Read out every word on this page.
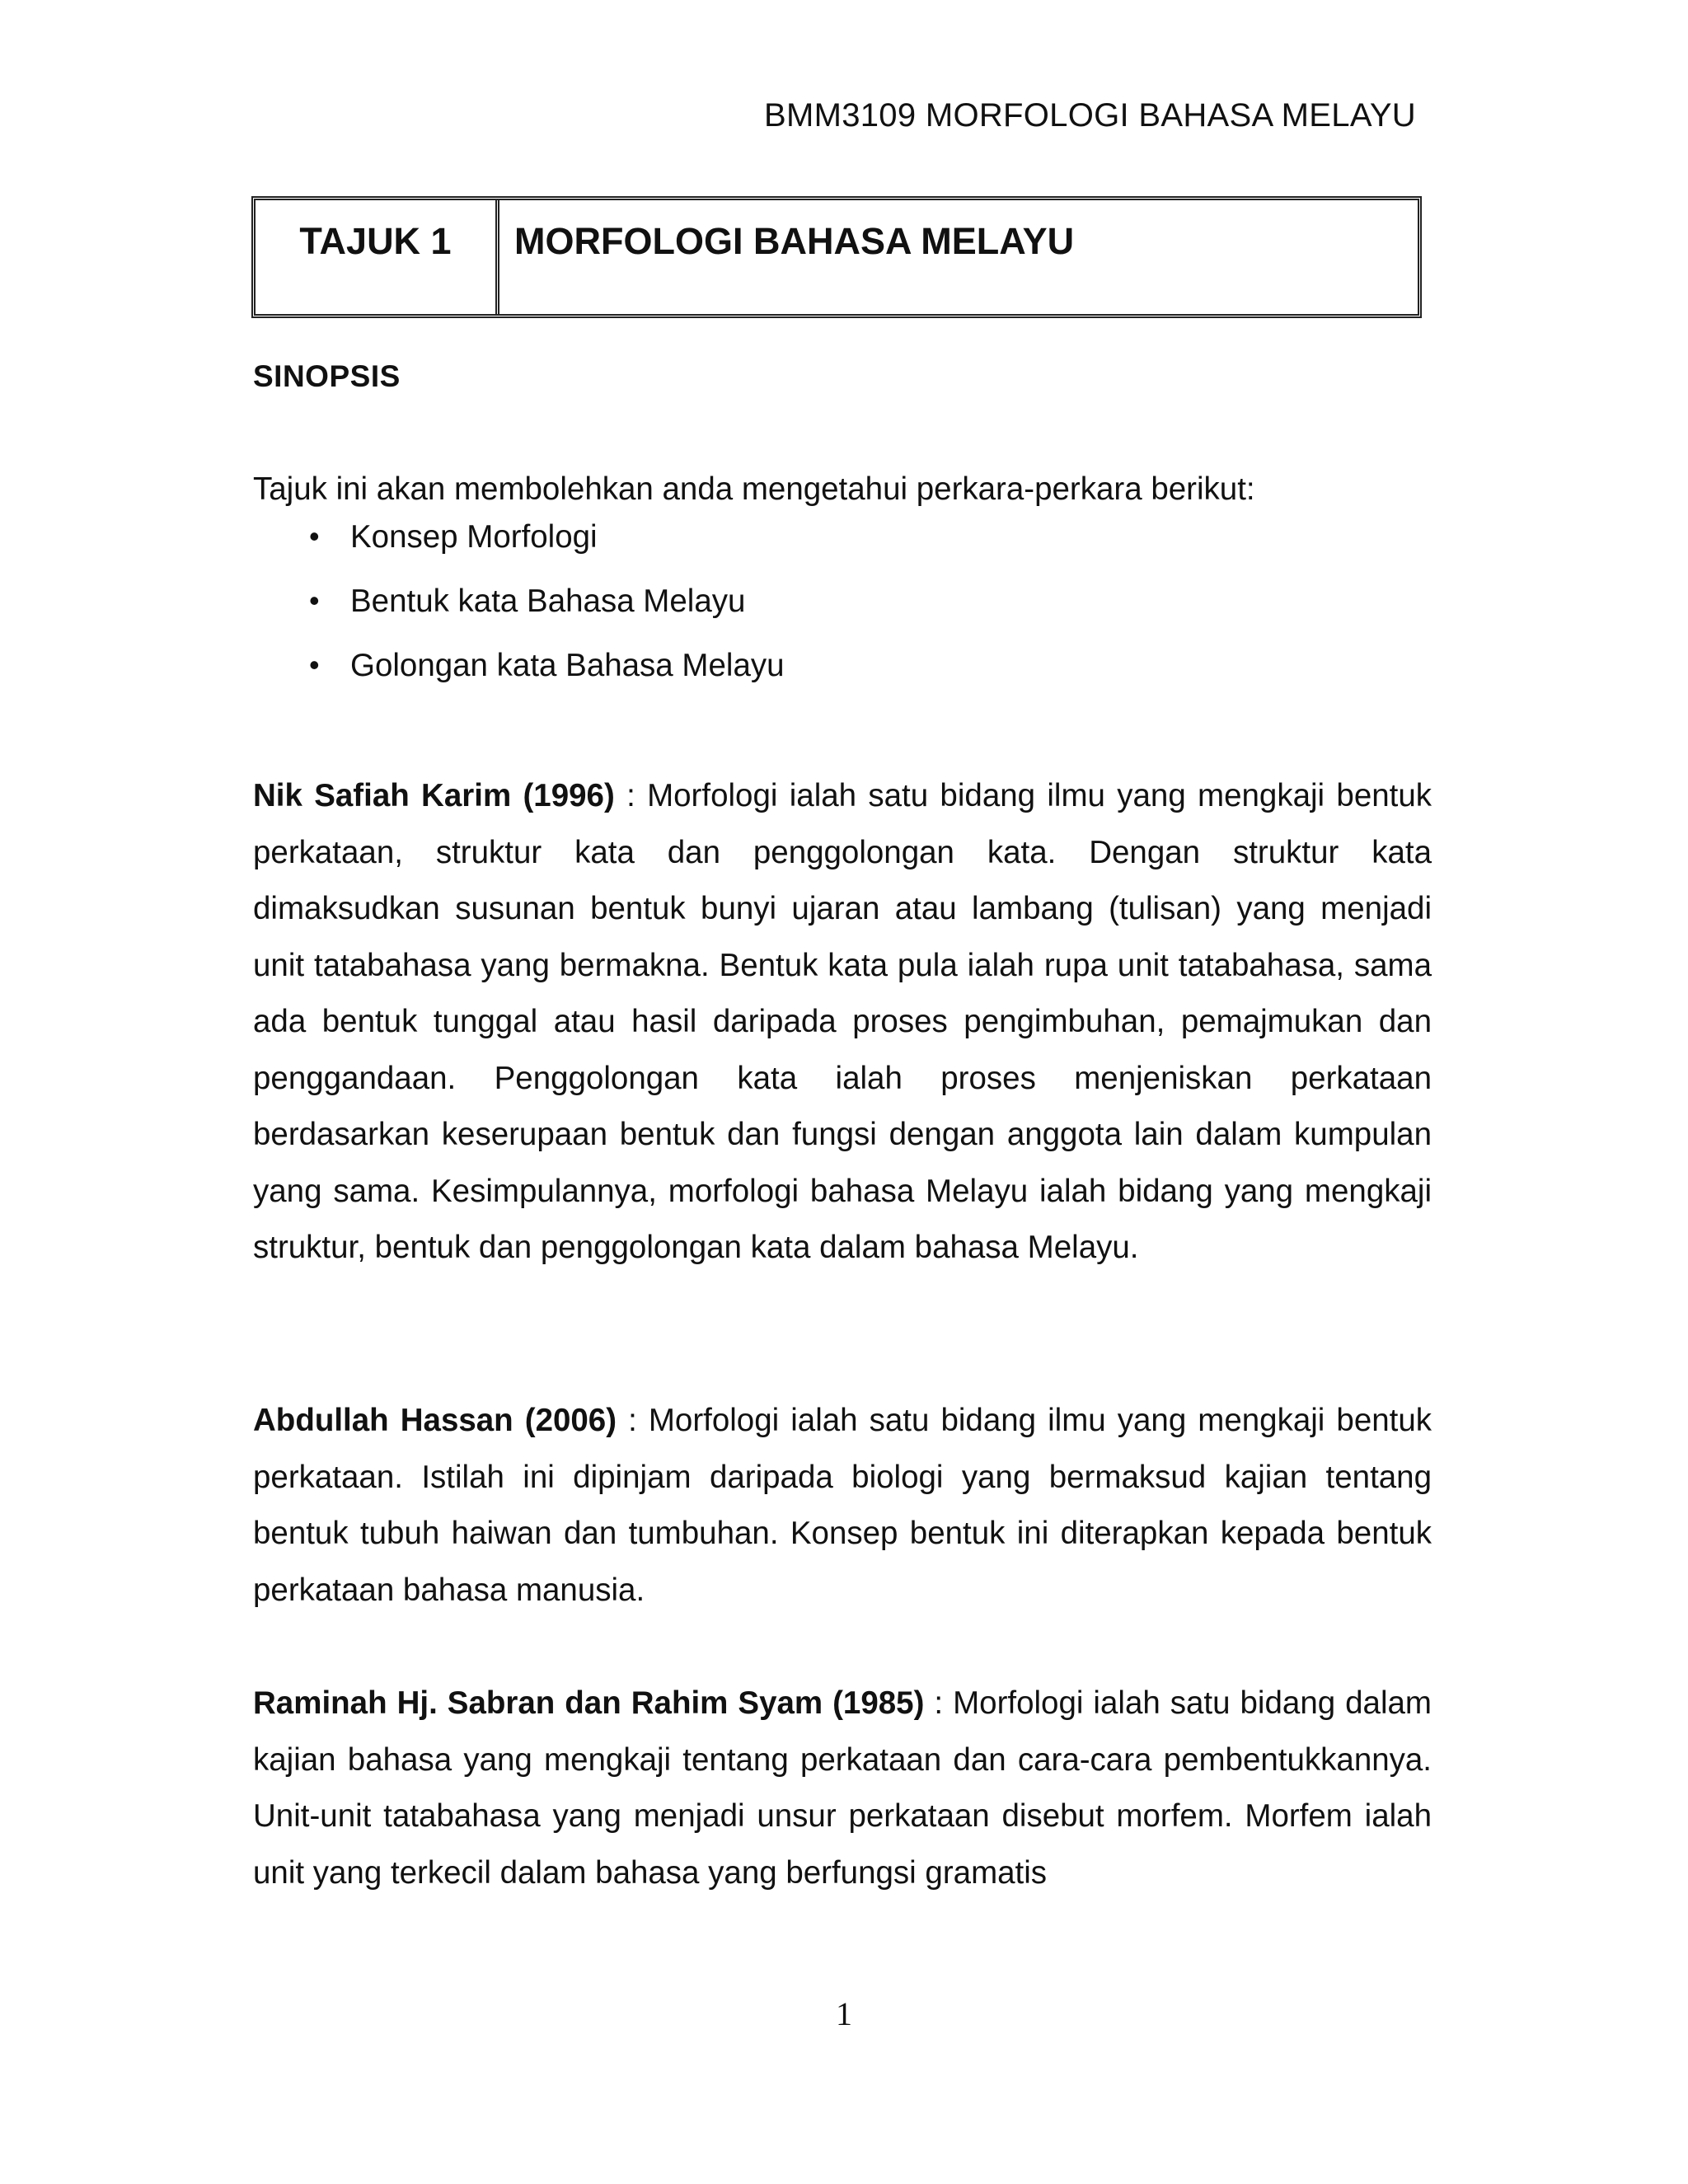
BMM3109 MORFOLOGI BAHASA MELAYU
TAJUK 1	MORFOLOGI BAHASA MELAYU
SINOPSIS
Tajuk ini akan membolehkan anda mengetahui perkara-perkara berikut:
• Konsep Morfologi
• Bentuk kata Bahasa Melayu
• Golongan kata Bahasa Melayu

Nik Safiah Karim (1996) : Morfologi ialah satu bidang ilmu yang mengkaji bentuk perkataan, struktur kata dan penggolongan kata. Dengan struktur kata dimaksudkan susunan bentuk bunyi ujaran atau lambang (tulisan) yang menjadi unit tatabahasa yang bermakna. Bentuk kata pula ialah rupa unit tatabahasa, sama ada bentuk tunggal atau hasil daripada proses pengimbuhan, pemajmukan dan penggandaan. Penggolongan kata ialah proses menjeniskan perkataan berdasarkan keserupaan bentuk dan fungsi dengan anggota lain dalam kumpulan yang sama. Kesimpulannya, morfologi bahasa Melayu ialah bidang yang mengkaji struktur, bentuk dan penggolongan kata dalam bahasa Melayu.

Abdullah Hassan (2006) : Morfologi ialah satu bidang ilmu yang mengkaji bentuk perkataan. Istilah ini dipinjam daripada biologi yang bermaksud kajian tentang bentuk tubuh haiwan dan tumbuhan. Konsep bentuk ini diterapkan kepada bentuk perkataan bahasa manusia.

Raminah Hj. Sabran dan Rahim Syam (1985) : Morfologi ialah satu bidang dalam kajian bahasa yang mengkaji tentang perkataan dan cara-cara pembentukkannya. Unit-unit tatabahasa yang menjadi unsur perkataan disebut morfem. Morfem ialah unit yang terkecil dalam bahasa yang berfungsi gramatis

1
